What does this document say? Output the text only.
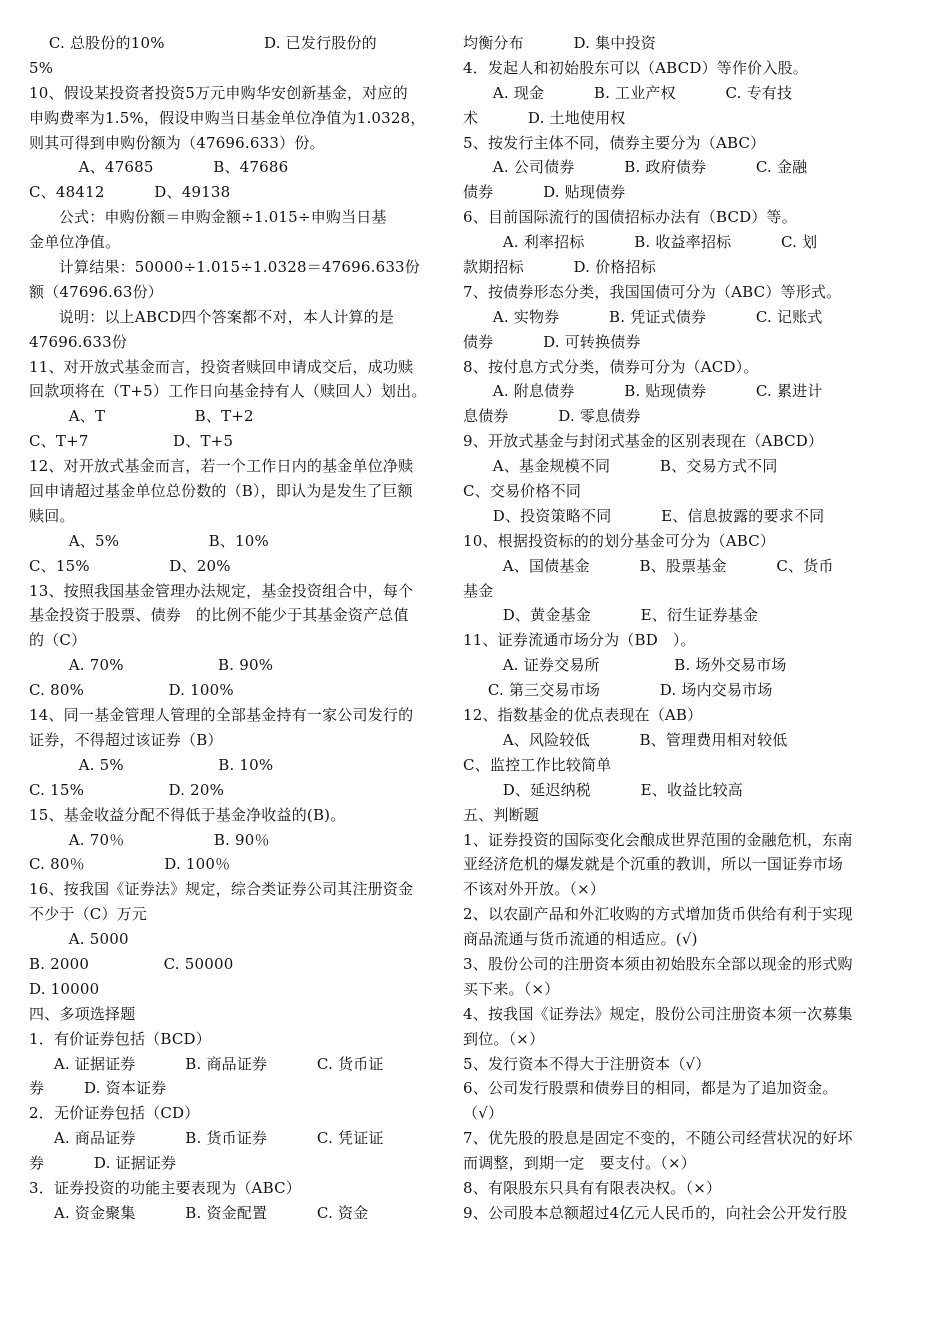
C. 总股份的10%                    D. 已发行股份的
5%
10、假设某投资者投资5万元申购华安创新基金，对应的
申购费率为1.5%，假设申购当日基金单位净值为1.0328，
则其可得到申购份额为（47696.633）份。
A、47685            B、47686
C、48412          D、49138
公式：申购份额＝申购金额÷1.015÷申购当日基
金单位净值。
计算结果：50000÷1.015÷1.0328＝47696.633份
额（47696.63份）
说明：以上ABCD四个答案都不对，本人计算的是
47696.633份
11、对开放式基金而言，投资者赎回申请成交后，成功赎
回款项将在（T+5）工作日向基金持有人（赎回人）划出。
A、T                  B、T+2
C、T+7                 D、T+5
12、对开放式基金而言，若一个工作日内的基金单位净赎
回申请超过基金单位总份数的（B），即认为是发生了巨额
赎回。
A、5%                  B、10%
C、15%                D、20%
13、按照我国基金管理办法规定，基金投资组合中，每个
基金投资于股票、债券   的比例不能少于其基金资产总值
的（C）
A. 70%                   B. 90%
C. 80%                 D. 100%
14、同一基金管理人管理的全部基金持有一家公司发行的
证券，不得超过该证券（B）
A. 5%                   B. 10%
C. 15%                 D. 20%
15、基金收益分配不得低于基金净收益的(B)。
A. 70％                  B. 90％
C. 80％                D. 100％
16、按我国《证券法》规定，综合类证券公司其注册资金
不少于（C）万元
A. 5000
B. 2000               C. 50000
D. 10000
四、多项选择题
1．有价证券包括（BCD）
A. 证据证券          B. 商品证券          C. 货币证
券        D. 资本证券
2．无价证券包括（CD）
A. 商品证券          B. 货币证券          C. 凭证证
券          D. 证据证券
3．证券投资的功能主要表现为（ABC）
A. 资金聚集          B. 资金配置          C. 资金
均衡分布          D. 集中投资
4．发起人和初始股东可以（ABCD）等作价入股。
A. 现金          B. 工业产权          C. 专有技
术          D. 土地使用权
5、按发行主体不同，债券主要分为（ABC）
A. 公司债券          B. 政府债券          C. 金融
债券          D. 贴现债券
6、目前国际流行的国债招标办法有（BCD）等。
A. 利率招标          B. 收益率招标          C. 划
款期招标          D. 价格招标
7、按债券形态分类，我国国债可分为（ABC）等形式。
A. 实物券          B. 凭证式债券          C. 记账式
债券          D. 可转换债券
8、按付息方式分类，债券可分为（ACD）。
A. 附息债券          B. 贴现债券          C. 累进计
息债券          D. 零息债券
9、开放式基金与封闭式基金的区别表现在（ABCD）
A、基金规模不同          B、交易方式不同
C、交易价格不同
D、投资策略不同          E、信息披露的要求不同
10、根据投资标的的划分基金可分为（ABC）
A、国债基金          B、股票基金          C、货币
基金
D、黄金基金          E、衍生证券基金
11、证券流通市场分为（BD   ）。
A. 证券交易所               B. 场外交易市场
C. 第三交易市场            D. 场内交易市场
12、指数基金的优点表现在（AB）
A、风险较低          B、管理费用相对较低
C、监控工作比较简单
D、延迟纳税          E、收益比较高
五、判断题
1、证券投资的国际变化会酿成世界范围的金融危机，东南
亚经济危机的爆发就是个沉重的教训，所以一国证券市场
不该对外开放。（×）
2、以农副产品和外汇收购的方式增加货币供给有利于实现
商品流通与货币流通的相适应。(√)
3、股份公司的注册资本须由初始股东全部以现金的形式购
买下来。（×）
4、按我国《证券法》规定，股份公司注册资本须一次募集
到位。（×）
5、发行资本不得大于注册资本（√）
6、公司发行股票和债券目的相同，都是为了追加资金。
（√）
7、优先股的股息是固定不变的，不随公司经营状况的好坏
而调整，到期一定   要支付。（×）
8、有限股东只具有有限表决权。（×）
9、公司股本总额超过4亿元人民币的，向社会公开发行股
